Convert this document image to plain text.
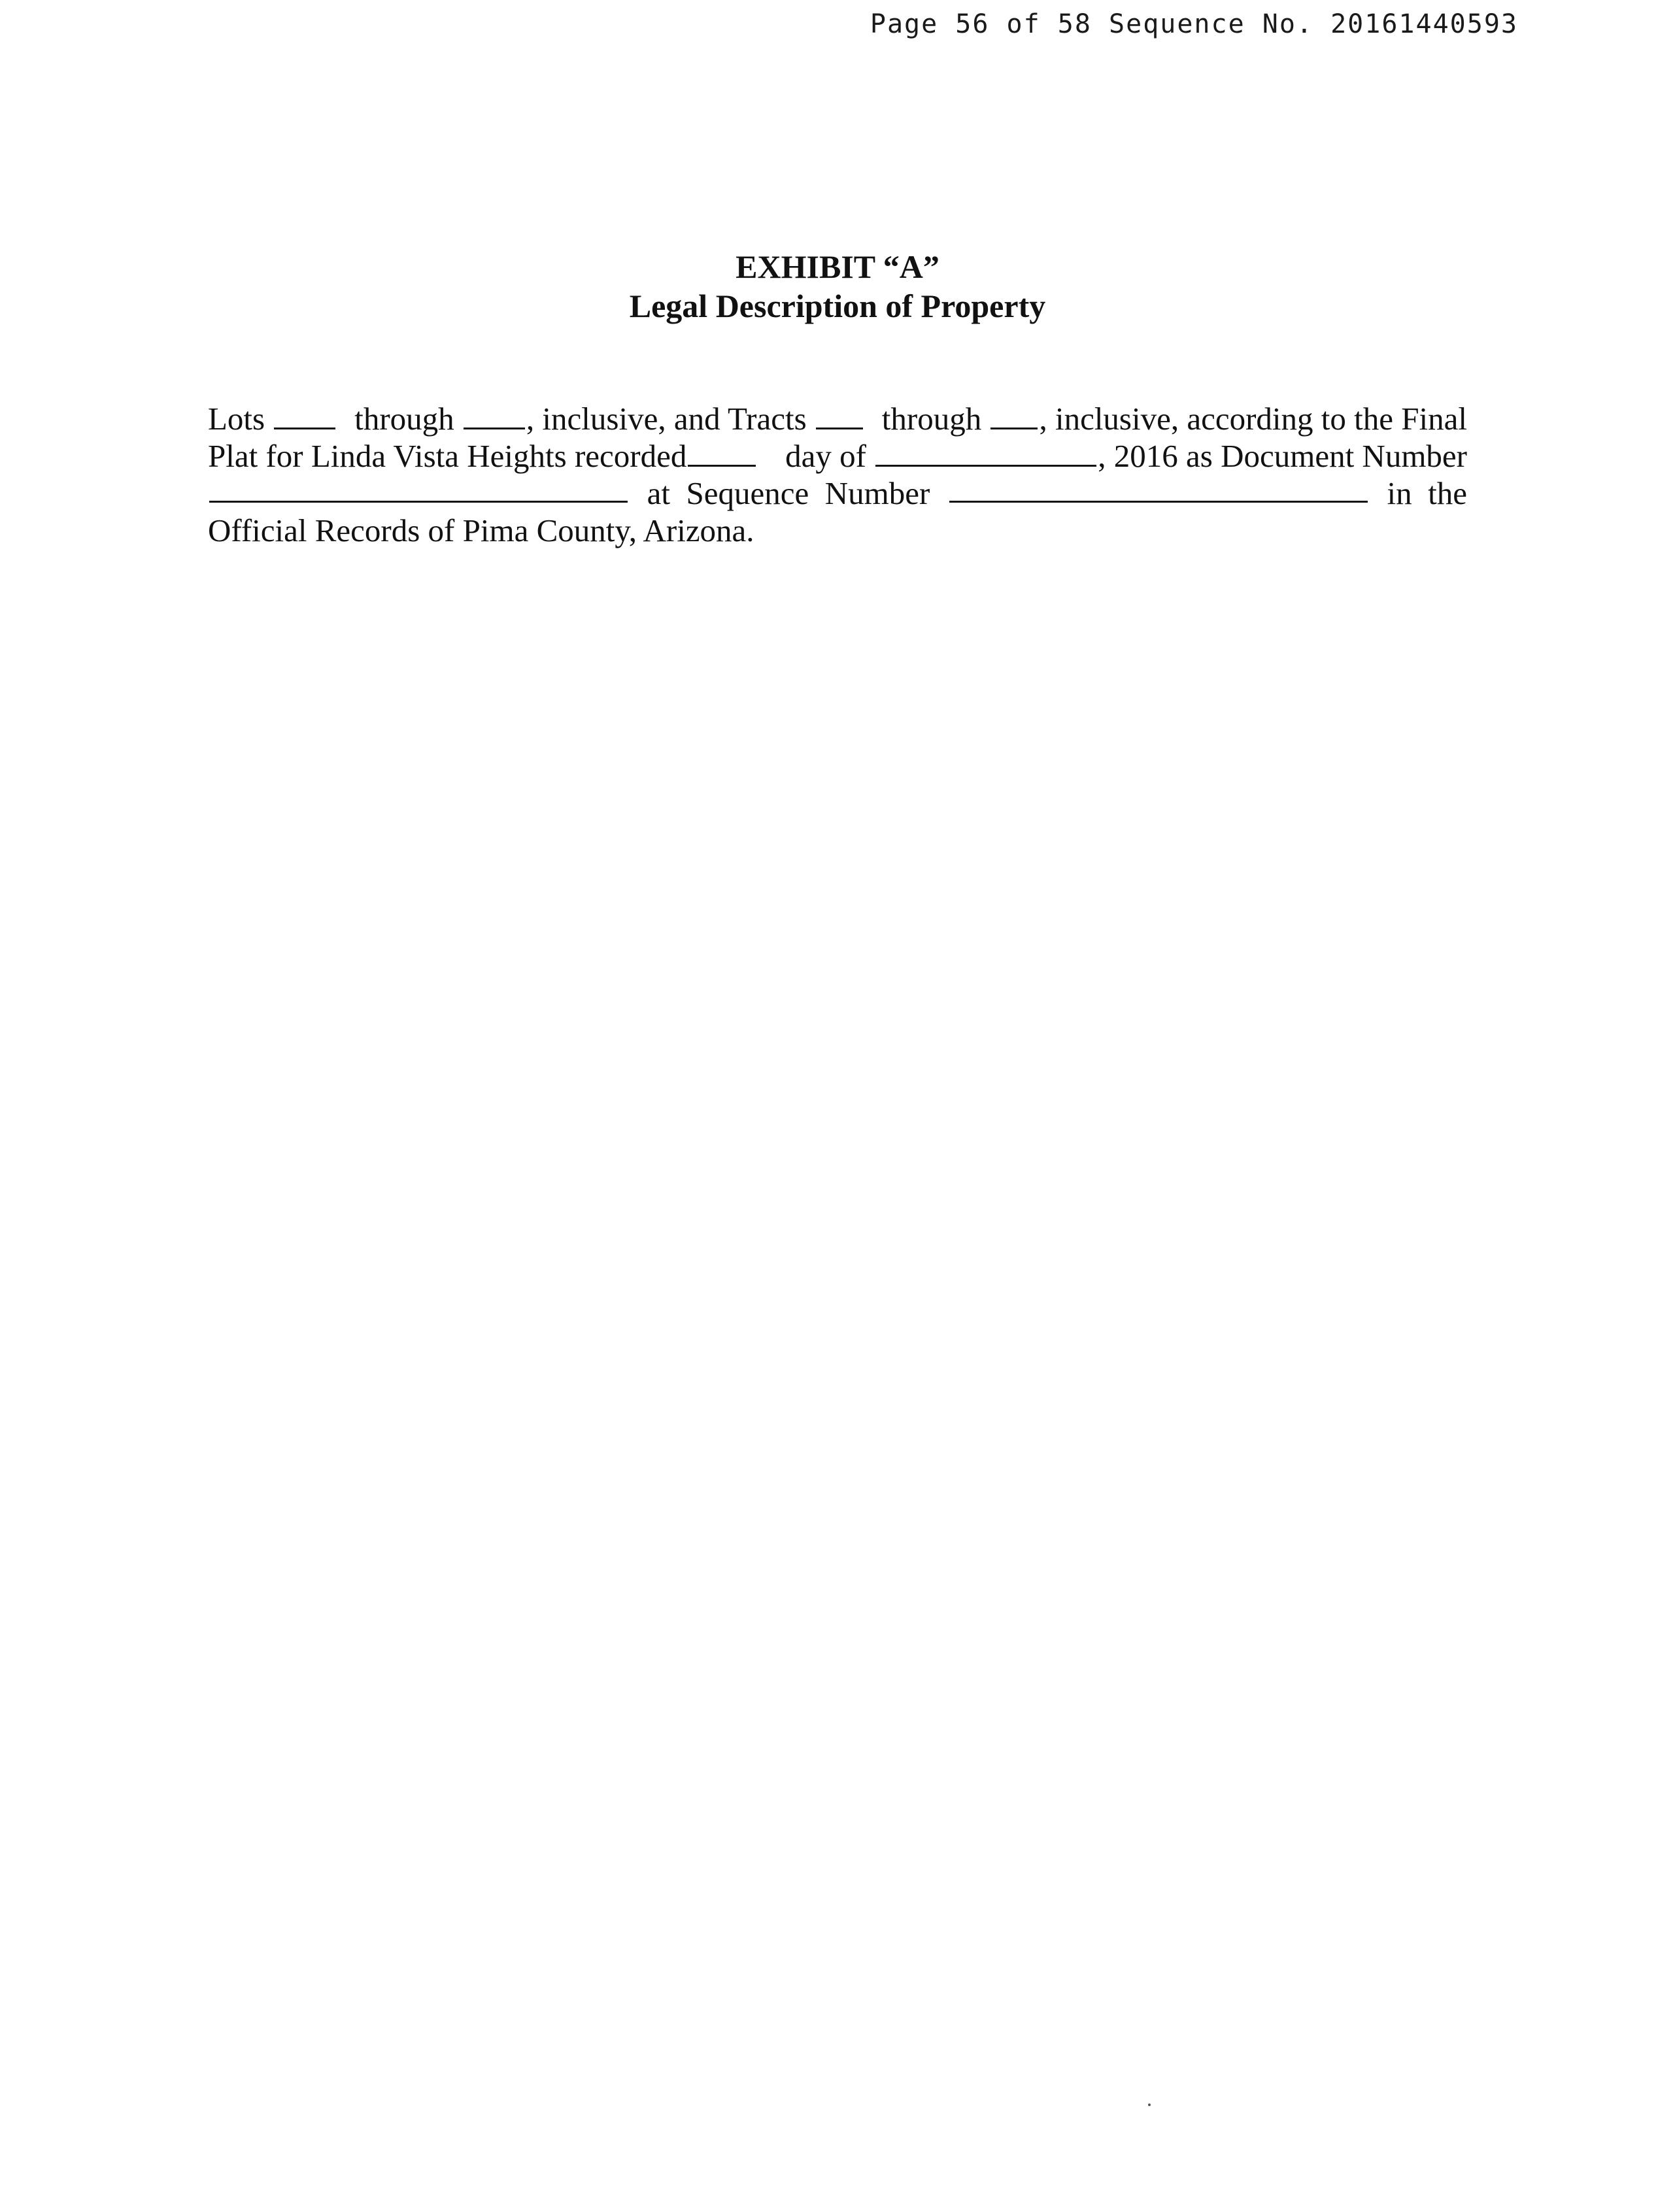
Page 56 of 58 Sequence No. 20161440593
EXHIBIT “A”
Legal Description of Property
Lots	through , inclusive, and Tracts	through , inclusive, according to the Final
Plat for Linda Vista Heights recorded	day of	, 2016 as Document Number
at  Sequence  Number	in  the
Official Records of Pima County, Arizona.
